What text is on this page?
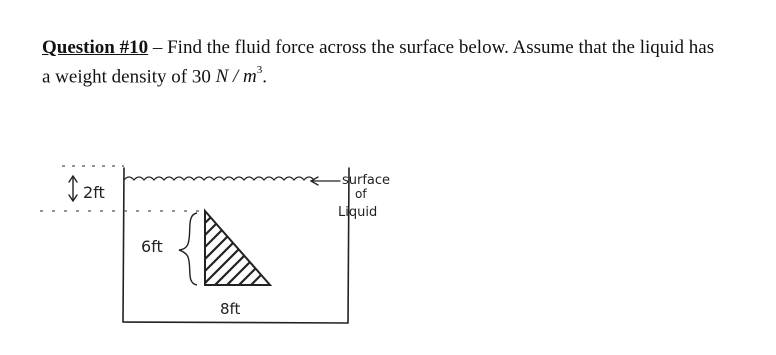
Question #10 – Find the fluid force across the surface below. Assume that the liquid has
a weight density of 30 N / $m^3$.
2ft
surface
of
Liquid
6ft
8ft
